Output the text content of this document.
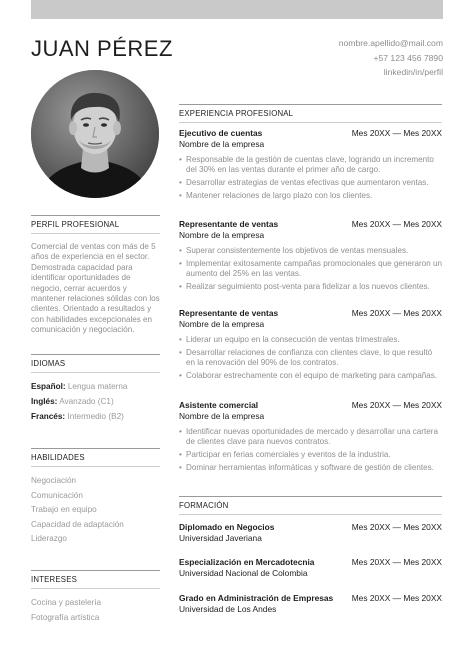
JUAN PÉREZ	nombre.apellido@mail.com
+57 123 456 7890
linkedin/in/perfil
PERFIL PROFESIONAL
Comercial de ventas con más de 5 años de experiencia en el sector. Demostrada capacidad para identificar oportunidades de negocio, cerrar acuerdos y mantener relaciones sólidas con los clientes. Orientado a resultados y con habilidades excepcionales en comunicación y negociación.
IDIOMAS
Español: Lengua materna
Inglés: Avanzado (C1)
Francés: Intermedio (B2)
HABILIDADES
Negociación
Comunicación
Trabajo en equipo
Capacidad de adaptación
Liderazgo
INTERESES
Cocina y pastelería
Fotografía artística
EXPERIENCIA PROFESIONAL
Ejecutivo de cuentas	Mes 20XX — Mes 20XX
Nombre de la empresa
• Responsable de la gestión de cuentas clave, logrando un incremento del 30% en las ventas durante el primer año de cargo.
• Desarrollar estrategias de ventas efectivas que aumentaron ventas.
• Mantener relaciones de largo plazo con los clientes.
Representante de ventas	Mes 20XX — Mes 20XX
Nombre de la empresa
• Superar consistentemente los objetivos de ventas mensuales.
• Implementar exitosamente campañas promocionales que generaron un aumento del 25% en las ventas.
• Realizar seguimiento post-venta para fidelizar a los nuevos clientes.
Representante de ventas	Mes 20XX — Mes 20XX
Nombre de la empresa
• Liderar un equipo en la consecución de ventas trimestrales.
• Desarrollar relaciones de confianza con clientes clave, lo que resultó en la renovación del 90% de los contratos.
• Colaborar estrechamente con el equipo de marketing para campañas.
Asistente comercial	Mes 20XX — Mes 20XX
Nombre de la empresa
• Identificar nuevas oportunidades de mercado y desarrollar una cartera de clientes clave para nuevos contratos.
• Participar en ferias comerciales y eventos de la industria.
• Dominar herramientas informáticas y software de gestión de clientes.
FORMACIÓN
Diplomado en Negocios	Mes 20XX — Mes 20XX
Universidad Javeriana
Especialización en Mercadotecnia	Mes 20XX — Mes 20XX
Universidad Nacional de Colombia
Grado en Administración de Empresas Mes 20XX — Mes 20XX
Universidad de Los Andes
